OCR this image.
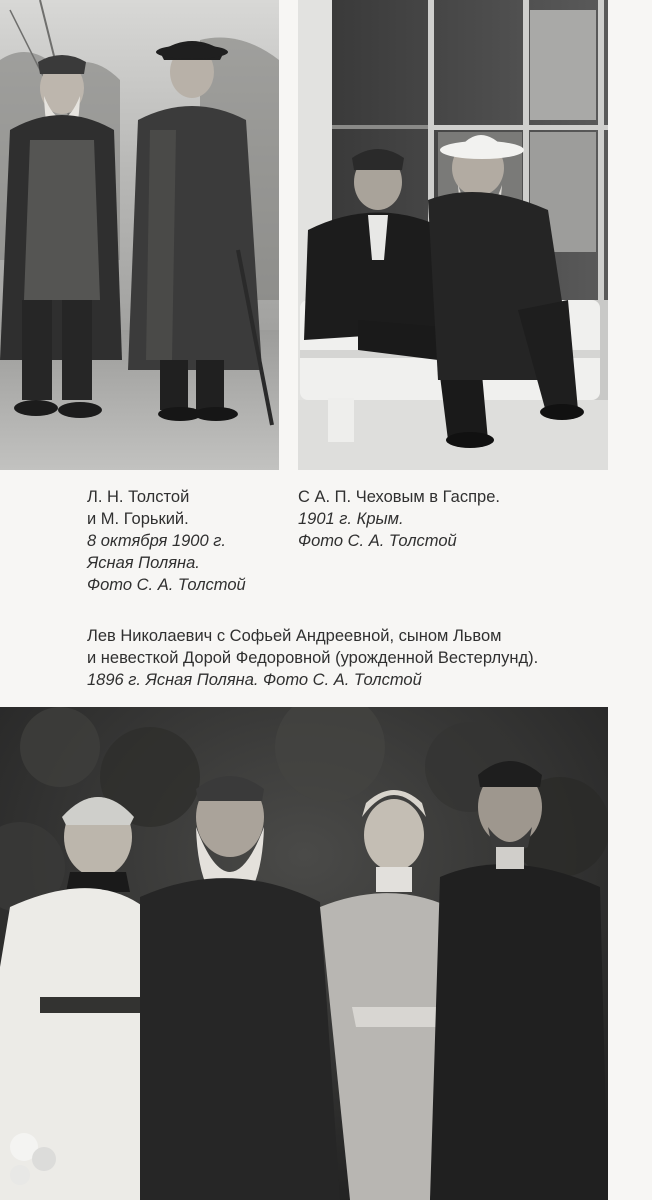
Л. Н. Толстой
и М. Горький.
8 октября 1900 г.
Ясная Поляна.
Фото С. А. Толстой
С А. П. Чеховым в Гаспре.
1901 г. Крым.
Фото С. А. Толстой
Лев Николаевич с Софьей Андреевной, сыном Львом
и невесткой Дорой Федоровной (урожденной Вестерлунд).
1896 г. Ясная Поляна. Фото С. А. Толстой
